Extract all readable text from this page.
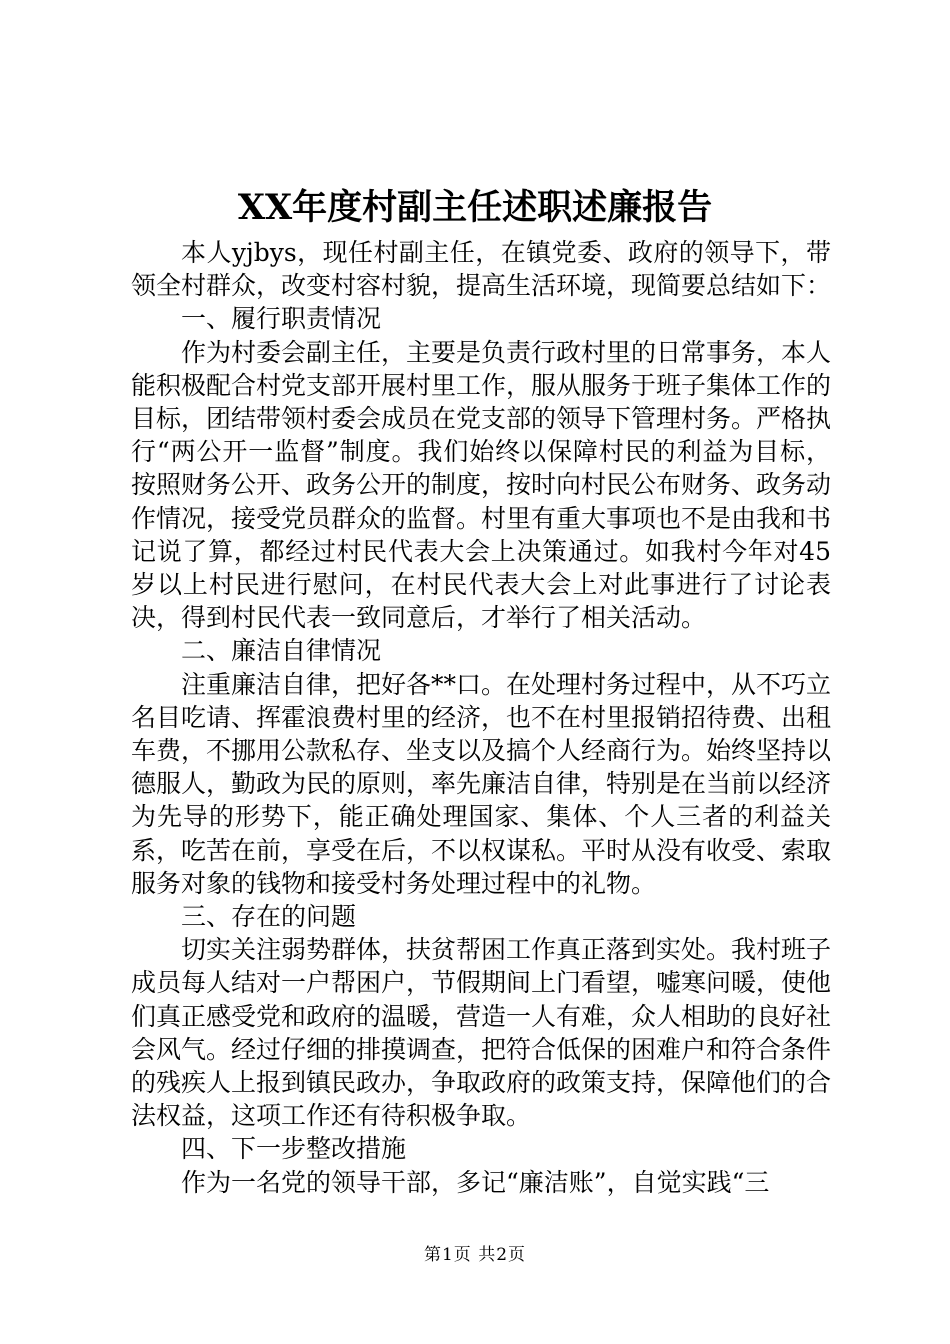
XX年度村副主任述职述廉报告

本人yjbys，现任村副主任，在镇党委、政府的领导下，带领全村群众，改变村容村貌，提高生活环境，现简要总结如下：

一、履行职责情况

作为村委会副主任，主要是负责行政村里的日常事务，本人能积极配合村党支部开展村里工作，服从服务于班子集体工作的目标，团结带领村委会成员在党支部的领导下管理村务。严格执行“两公开一监督”制度。我们始终以保障村民的利益为目标，按照财务公开、政务公开的制度，按时向村民公布财务、政务动作情况，接受党员群众的监督。村里有重大事项也不是由我和书记说了算，都经过村民代表大会上决策通过。如我村今年对45岁以上村民进行慰问，在村民代表大会上对此事进行了讨论表决，得到村民代表一致同意后，才举行了相关活动。

二、廉洁自律情况

注重廉洁自律，把好各**口。在处理村务过程中，从不巧立名目吃请、挥霍浪费村里的经济，也不在村里报销招待费、出租车费，不挪用公款私存、坐支以及搞个人经商行为。始终坚持以德服人，勤政为民的原则，率先廉洁自律，特别是在当前以经济为先导的形势下，能正确处理国家、集体、个人三者的利益关系，吃苦在前，享受在后，不以权谋私。平时从没有收受、索取服务对象的钱物和接受村务处理过程中的礼物。

三、存在的问题

切实关注弱势群体，扶贫帮困工作真正落到实处。我村班子成员每人结对一户帮困户，节假期间上门看望，嘘寒问暖，使他们真正感受党和政府的温暖，营造一人有难，众人相助的良好社会风气。经过仔细的排摸调查，把符合低保的困难户和符合条件的残疾人上报到镇民政办，争取政府的政策支持，保障他们的合法权益，这项工作还有待积极争取。

四、下一步整改措施

作为一名党的领导干部，多记“廉洁账”，自觉实践“三

第1页 共2页
